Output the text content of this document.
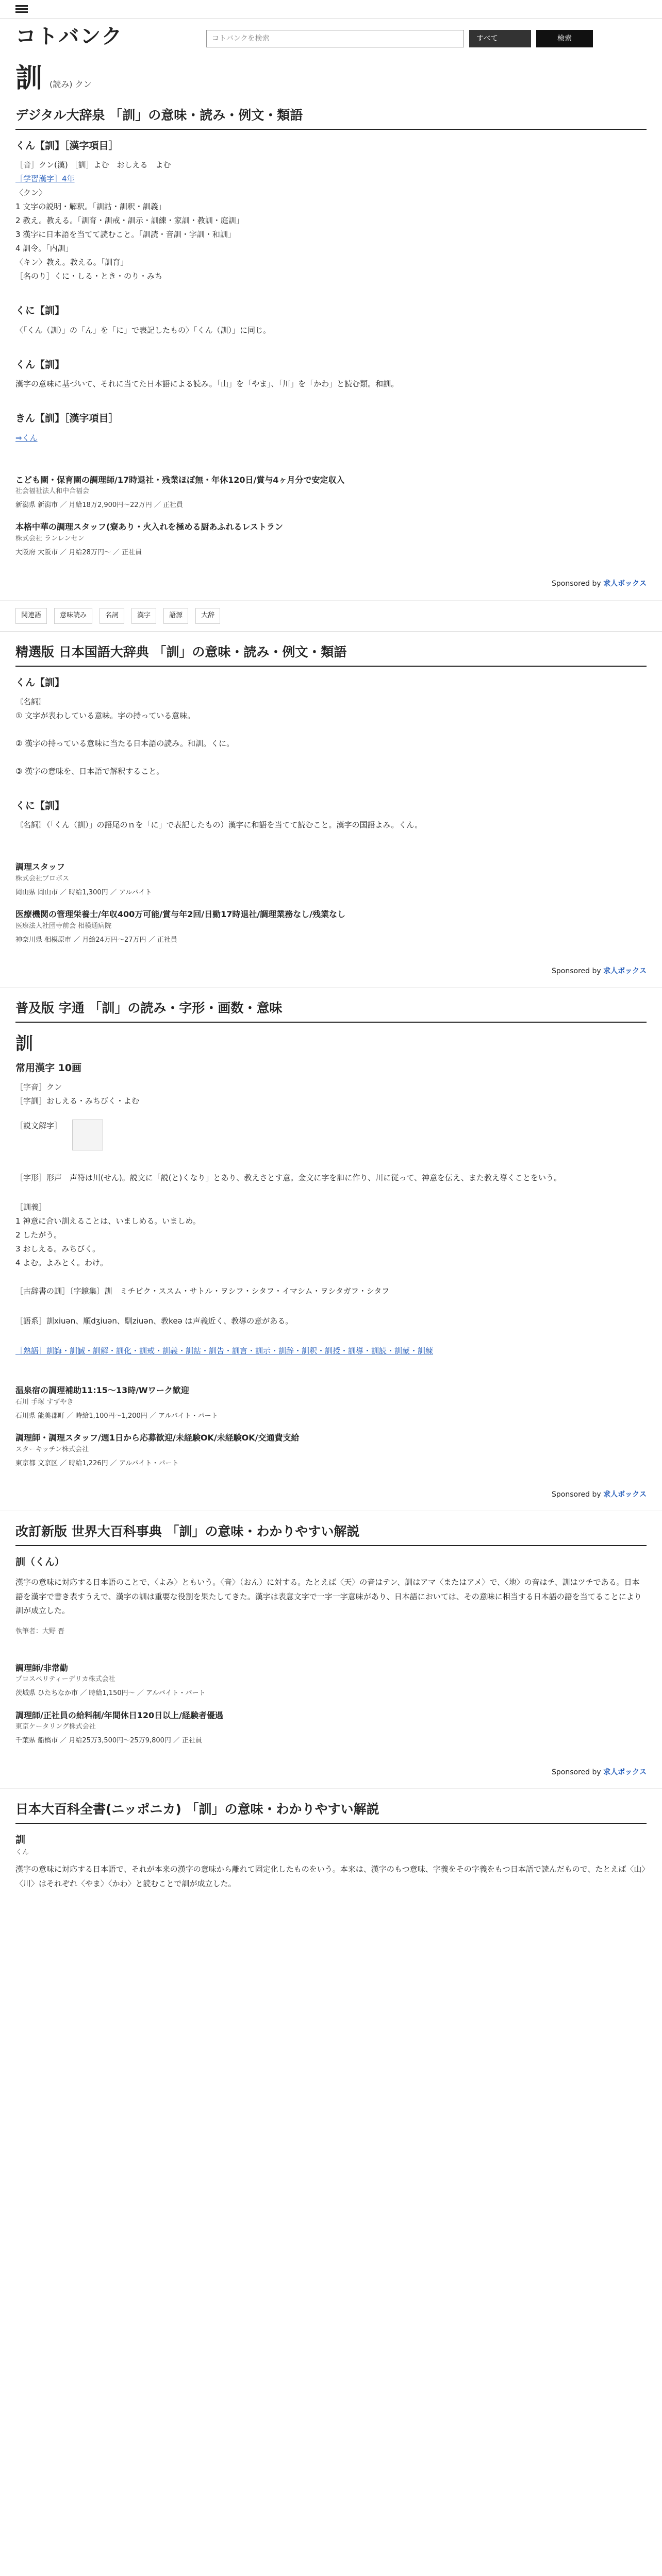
コトバンク	コトバンクを検索	すべて	検索
訓 (読み) クン
デジタル大辞泉 「訓」の意味・読み・例文・類語
くん【訓】［漢字項目］
［音］クン(漢) ［訓］よむ　おしえる　よむ
［学習漢字］4年
〈クン〉
1 文字の説明・解釈。「訓詁・訓釈・訓義」
2 教え。教える。「訓育・訓戒・訓示・訓練・家訓・教訓・庭訓」
3 漢字に日本語を当てて読むこと。「訓読・音訓・字訓・和訓」
4 訓令。「内訓」
〈キン〉教え。教える。「訓育」
［名のり］くに・しる・とき・のり・みち
くに【訓】
〈「くん（訓）」の「ん」を「に」で表記したもの〉「くん（訓）」に同じ。
くん【訓】
漢字の意味に基づいて、それに当てた日本語による読み。「山」を「やま」、「川」を「かわ」と読む類。和訓。
きん【訓】［漢字項目］
⇒くん
こども園・保育園の調理師/17時退社・残業ほぼ無・年休120日/賞与4ヶ月分で安定収入
社会福祉法人和中合福会
新潟県 新潟市 ／ 月給18万2,900円〜22万円 ／ 正社員
本格中華の調理スタッフ(寮あり・火入れを極める厨あふれるレストラン
株式会社 ランレンセン
大阪府 大阪市 ／ 月給28万円〜 ／ 正社員
Sponsored by 求人ボックス
関連語	意味読み	名詞	漢字	語源	大辞
精選版 日本国語大辞典 「訓」の意味・読み・例文・類語
くん【訓】
〘名詞〙
① 文字が表わしている意味。字の持っている意味。
② 漢字の持っている意味に当たる日本語の読み。和訓。くに。
③ 漢字の意味を、日本語で解釈すること。
くに【訓】
〘名詞〙（「くん（訓）」の語尾のｎを「に」で表記したもの）漢字に和語を当てて読むこと。漢字の国語よみ。くん。
調理スタッフ
株式会社プロボス
岡山県 岡山市 ／ 時給1,300円 ／ アルバイト
医療機関の管理栄養士/年収400万可能/賞与年2回/日勤17時退社/調理業務なし/残業なし
医療法人社団寺前会 相模通病院
神奈川県 相模原市 ／ 月給24万円〜27万円 ／ 正社員
Sponsored by 求人ボックス
普及版 字通 「訓」の読み・字形・画数・意味
訓
常用漢字 10画
［字音］クン
［字訓］おしえる・みちびく・よむ
［説文解字］
［字形］形声　声符は川(せん)。説文に「説(と)くなり」とあり、教えさとす意。金文に字を𧥣に作り、川に従って、神意を伝え、また教え導くことをいう。
［訓義］
1 神意に合い訓えることは、いましめる。いましめ。
2 したがう。
3 おしえる。みちびく。
4 よむ。よみとく。わけ。
［古辞書の訓］〔字鏡集〕訓　ミチビク・ススム・サトル・ヲシフ・シタフ・イマシム・ヲシタガフ・シタフ
［語系］訓xiuən、順dʒiuən、馴ziuən、教keə は声義近く、教導の意がある。
［熟語］訓誨・訓誡・訓解・訓化・訓戒・訓義・訓詁・訓告・訓言・訓示・訓辞・訓釈・訓授・訓導・訓読・訓蒙・訓練
温泉宿の調理補助11:15〜13時/Wワーク歓迎
石川 手塚 すずやき
石川県 能美郡町 ／ 時給1,100円〜1,200円 ／ アルバイト・パート
調理師・調理スタッフ/週1日から応募歓迎/未経験OK/未経験OK/交通費支給
スターキッチン株式会社
東京都 文京区 ／ 時給1,226円 ／ アルバイト・パート
Sponsored by 求人ボックス
改訂新版 世界大百科事典 「訓」の意味・わかりやすい解説
訓（くん）
漢字の意味に対応する日本語のことで、〈よみ〉ともいう。〈音〉（おん）に対する。たとえば〈天〉の音はテン、訓はアマ〈またはアメ〉で、〈地〉の音はチ、訓はツチである。日本語を漢字で書き表すうえで、漢字の訓は重要な役割を果たしてきた。漢字は表意文字で一字一字意味があり、日本語においては、その意味に相当する日本語の語を当てることにより訓が成立した。
執筆者：大野 晋
調理師/非常勤
プロスペリティーデリカ株式会社
茨城県 ひたちなか市 ／ 時給1,150円〜 ／ アルバイト・パート
調理師/正社員の給料制/年間休日120日以上/経験者優遇
東京ケータリング株式会社
千葉県 船橋市 ／ 月給25万3,500円〜25万9,800円 ／ 正社員
Sponsored by 求人ボックス
日本大百科全書(ニッポニカ) 「訓」の意味・わかりやすい解説
訓
くん
漢字の意味に対応する日本語で、それが本来の漢字の意味から離れて固定化したものをいう。本来は、漢字のもつ意味、字義をその字義をもつ日本語で読んだもので、たとえば〈山〉〈川〉はそれぞれ〈やま〉〈かわ〉と読むことで訓が成立した。
